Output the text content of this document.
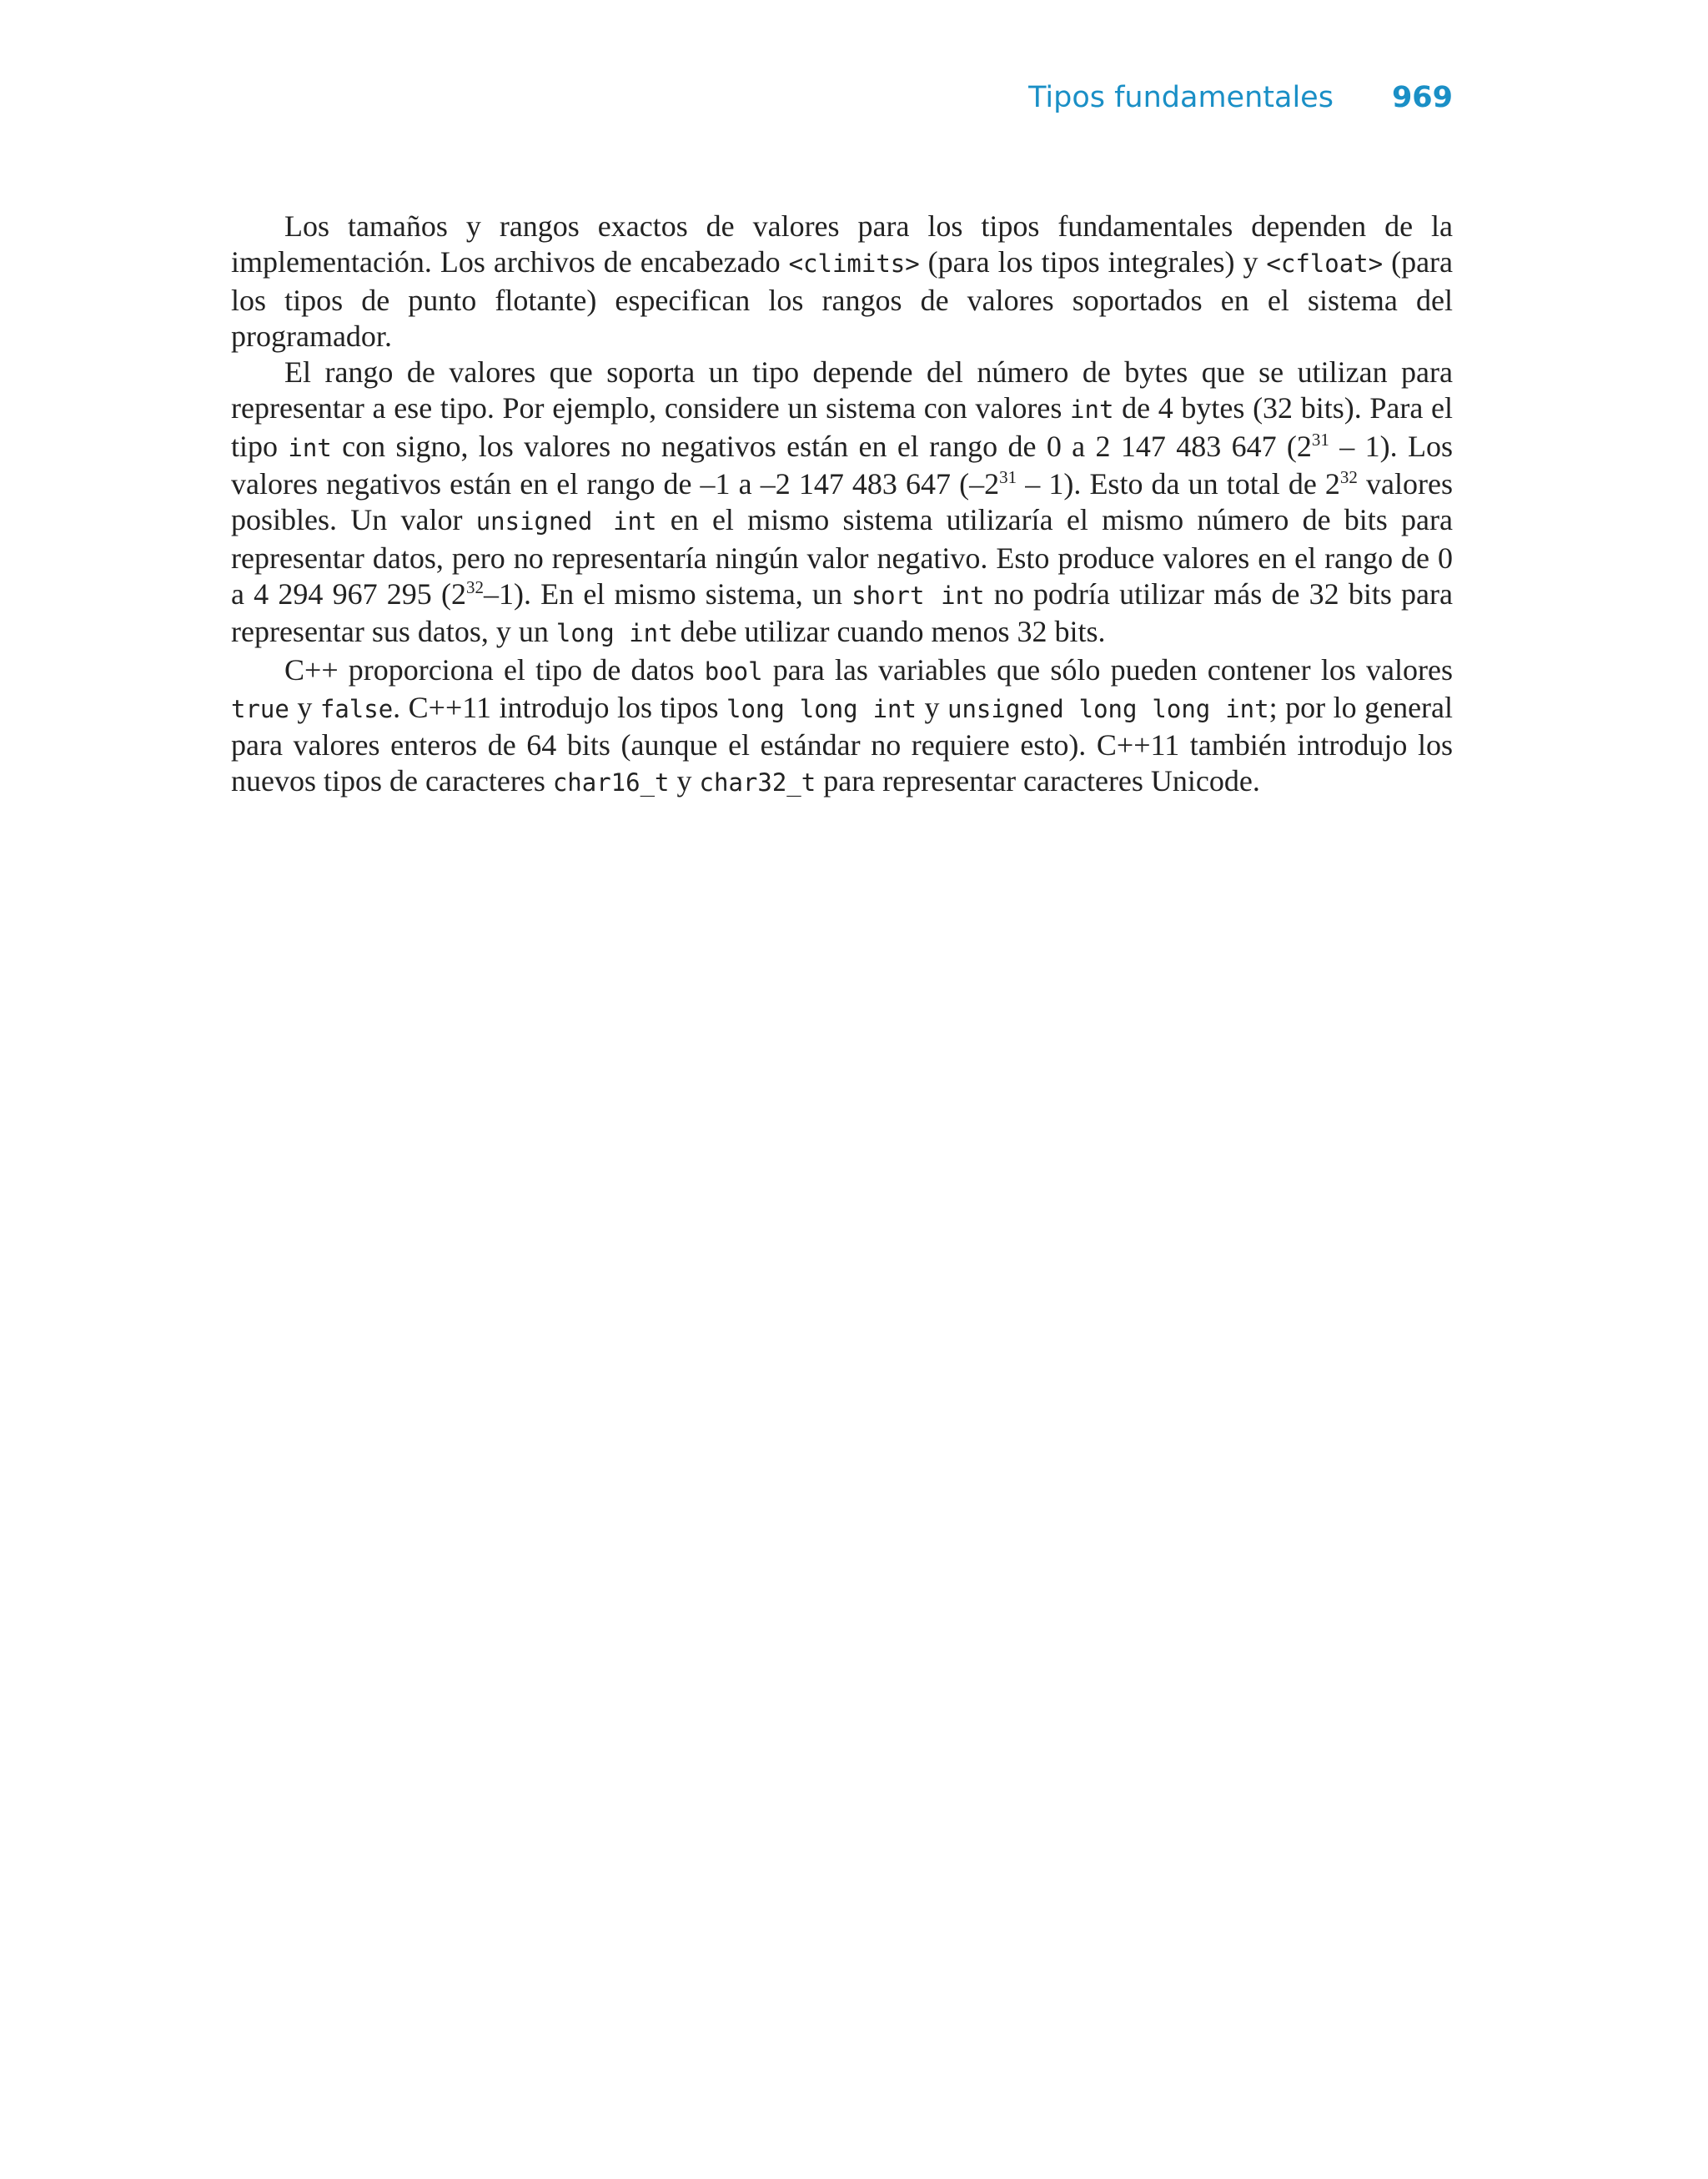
Tipos fundamentales 969

Los tamaños y rangos exactos de valores para los tipos fundamentales dependen de la implementación. Los archivos de encabezado <climits> (para los tipos integrales) y <cfloat> (para los tipos de punto flotante) especifican los rangos de valores soportados en el sistema del programador.

El rango de valores que soporta un tipo depende del número de bytes que se utilizan para representar a ese tipo. Por ejemplo, considere un sistema con valores int de 4 bytes (32 bits). Para el tipo int con signo, los valores no negativos están en el rango de 0 a 2 147 483 647 $(2^{31} - 1)$. Los valores negativos están en el rango de –1 a –2 147 483 647 $(-2^{31} - 1)$. Esto da un total de $2^{32}$ valores posibles. Un valor unsigned int en el mismo sistema utilizaría el mismo número de bits para representar datos, pero no representaría ningún valor negativo. Esto produce valores en el rango de 0 a 4 294 967 295 $(2^{32}-1)$. En el mismo sistema, un short int no podría utilizar más de 32 bits para representar sus datos, y un long int debe utilizar cuando menos 32 bits.

C++ proporciona el tipo de datos bool para las variables que sólo pueden contener los valores true y false. C++11 introdujo los tipos long long int y unsigned long long int; por lo general para valores enteros de 64 bits (aunque el estándar no requiere esto). C++11 también introdujo los nuevos tipos de caracteres char16_t y char32_t para representar caracteres Unicode.
